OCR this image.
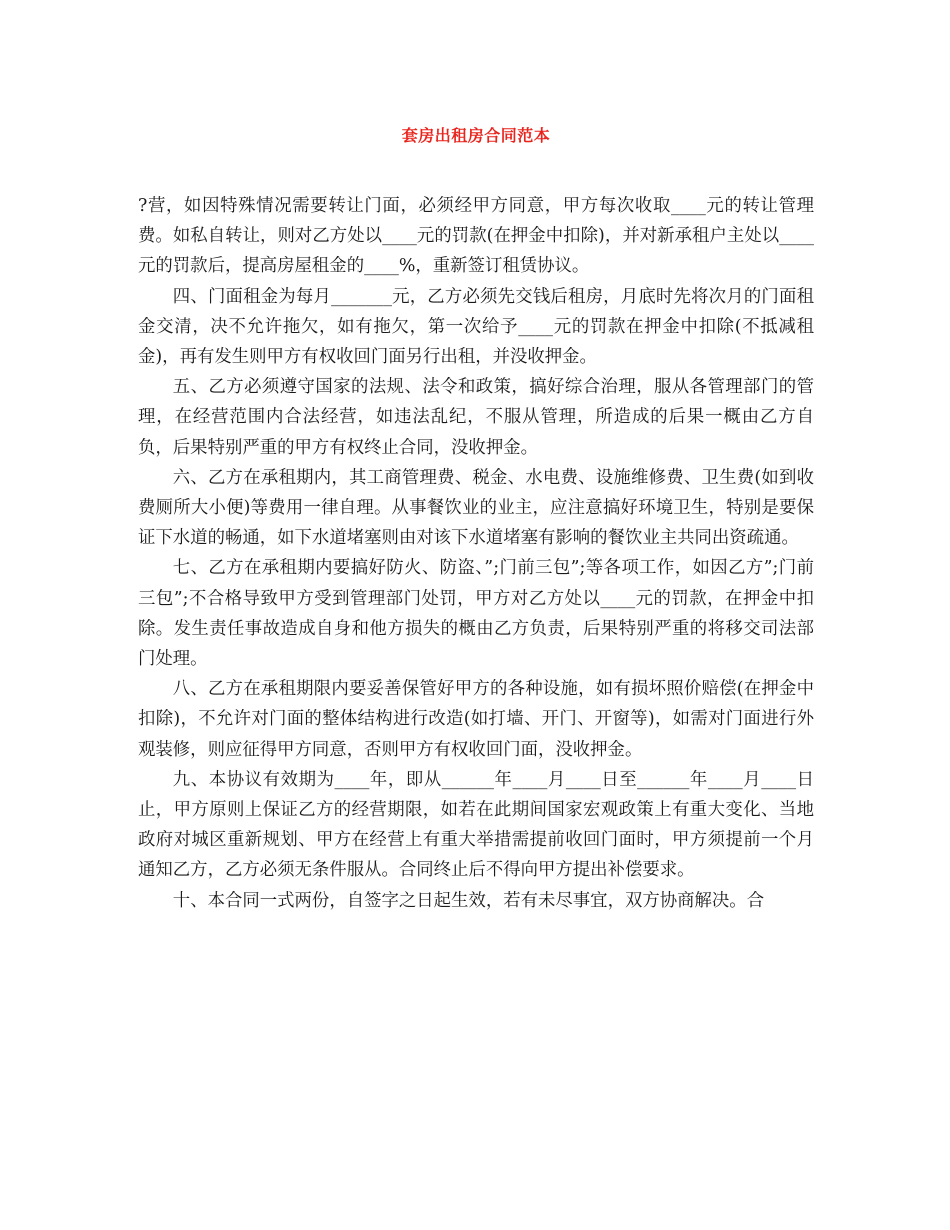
套房出租房合同范本

?营，如因特殊情况需要转让门面，必须经甲方同意，甲方每次收取____元的转让管理费。如私自转让，则对乙方处以____元的罚款(在押金中扣除)，并对新承租户主处以____元的罚款后，提高房屋租金的____%，重新签订租赁协议。

四、门面租金为每月_______元，乙方必须先交钱后租房，月底时先将次月的门面租金交清，决不允许拖欠，如有拖欠，第一次给予____元的罚款在押金中扣除(不抵减租金)，再有发生则甲方有权收回门面另行出租，并没收押金。

五、乙方必须遵守国家的法规、法令和政策，搞好综合治理，服从各管理部门的管理，在经营范围内合法经营，如违法乱纪，不服从管理，所造成的后果一概由乙方自负，后果特别严重的甲方有权终止合同，没收押金。

六、乙方在承租期内，其工商管理费、税金、水电费、设施维修费、卫生费(如到收费厕所大小便)等费用一律自理。从事餐饮业的业主，应注意搞好环境卫生，特别是要保证下水道的畅通，如下水道堵塞则由对该下水道堵塞有影响的餐饮业主共同出资疏通。

七、乙方在承租期内要搞好防火、防盗、”;门前三包”;等各项工作，如因乙方”;门前三包”;不合格导致甲方受到管理部门处罚，甲方对乙方处以____元的罚款，在押金中扣除。发生责任事故造成自身和他方损失的概由乙方负责，后果特别严重的将移交司法部门处理。

八、乙方在承租期限内要妥善保管好甲方的各种设施，如有损坏照价赔偿(在押金中扣除)，不允许对门面的整体结构进行改造(如打墙、开门、开窗等)，如需对门面进行外观装修，则应征得甲方同意，否则甲方有权收回门面，没收押金。

九、本协议有效期为____年，即从______年____月____日至______年____月____日止，甲方原则上保证乙方的经营期限，如若在此期间国家宏观政策上有重大变化、当地政府对城区重新规划、甲方在经营上有重大举措需提前收回门面时，甲方须提前一个月通知乙方，乙方必须无条件服从。合同终止后不得向甲方提出补偿要求。

十、本合同一式两份，自签字之日起生效，若有未尽事宜，双方协商解决。合
